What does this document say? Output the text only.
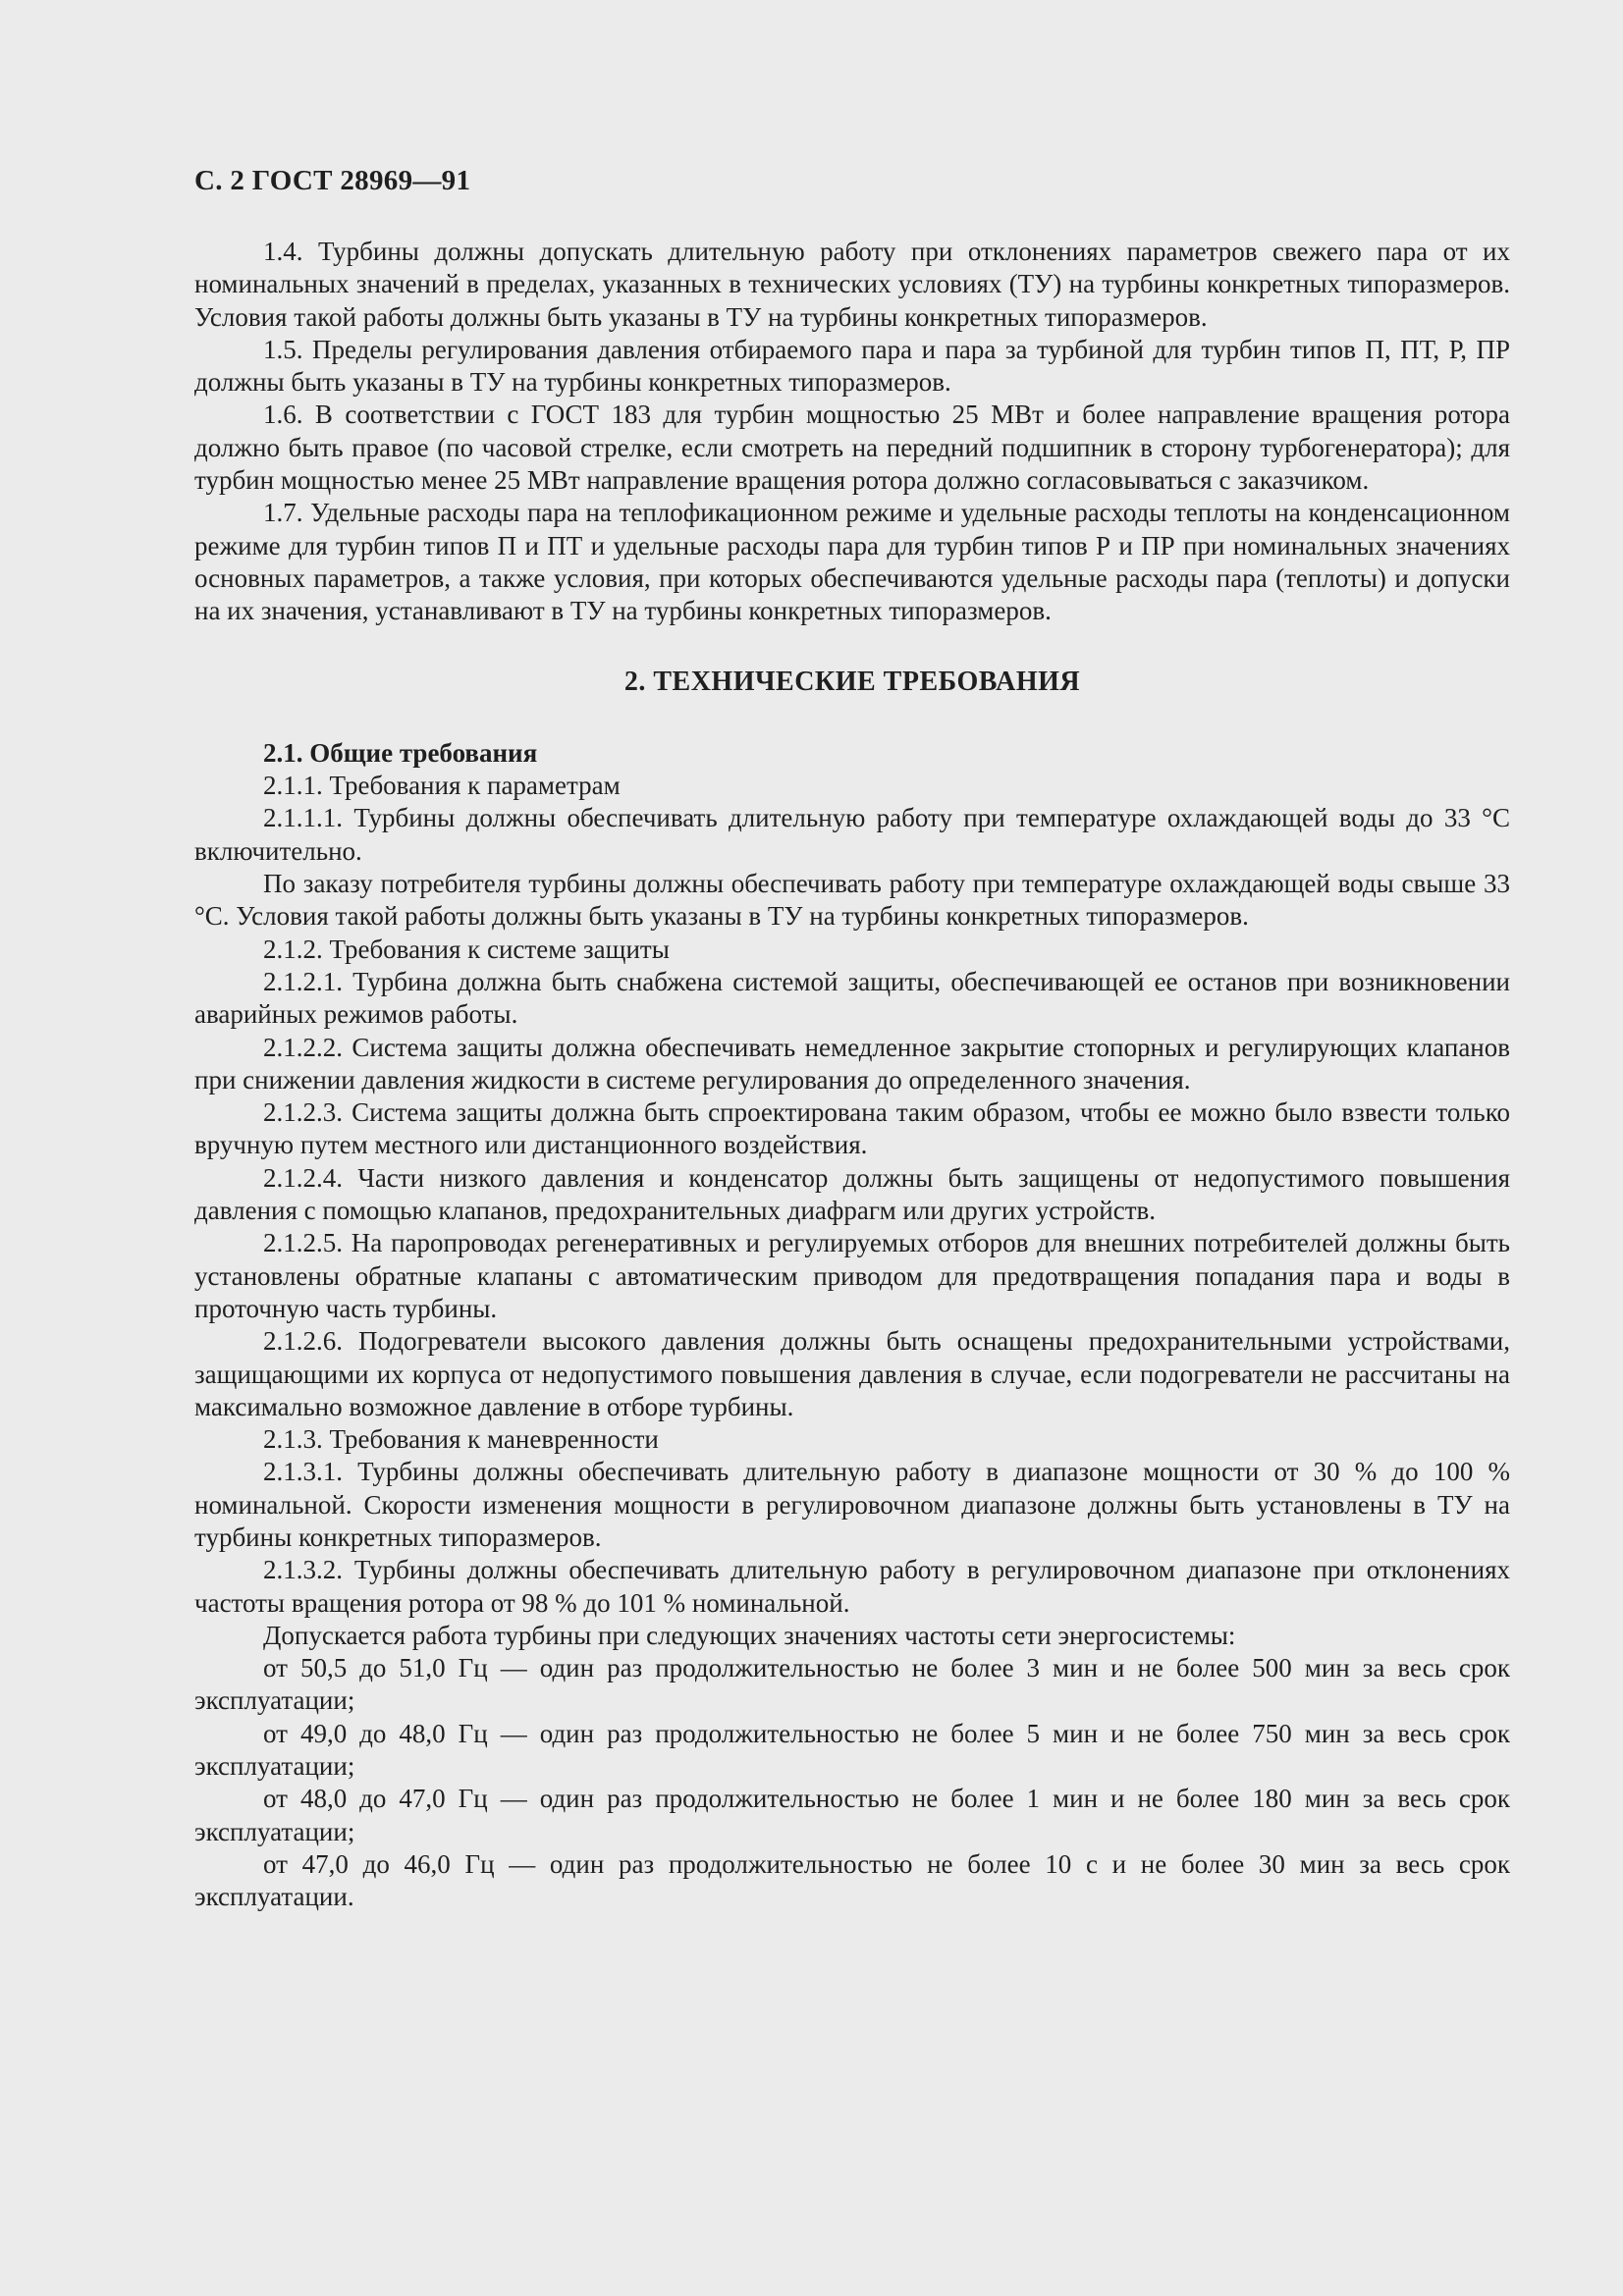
С. 2 ГОСТ 28969—91

1.4. Турбины должны допускать длительную работу при отклонениях параметров свежего пара от их номинальных значений в пределах, указанных в технических условиях (ТУ) на турбины конкретных типоразмеров. Условия такой работы должны быть указаны в ТУ на турбины конкретных типоразмеров.

1.5. Пределы регулирования давления отбираемого пара и пара за турбиной для турбин типов П, ПТ, Р, ПР должны быть указаны в ТУ на турбины конкретных типоразмеров.

1.6. В соответствии с ГОСТ 183 для турбин мощностью 25 МВт и более направление вращения ротора должно быть правое (по часовой стрелке, если смотреть на передний подшипник в сторону турбогенератора); для турбин мощностью менее 25 МВт направление вращения ротора должно согласовываться с заказчиком.

1.7. Удельные расходы пара на теплофикационном режиме и удельные расходы теплоты на конденсационном режиме для турбин типов П и ПТ и удельные расходы пара для турбин типов Р и ПР при номинальных значениях основных параметров, а также условия, при которых обеспечиваются удельные расходы пара (теплоты) и допуски на их значения, устанавливают в ТУ на турбины конкретных типоразмеров.

2. ТЕХНИЧЕСКИЕ ТРЕБОВАНИЯ

2.1. Общие требования

2.1.1. Требования к параметрам

2.1.1.1. Турбины должны обеспечивать длительную работу при температуре охлаждающей воды до 33 °С включительно.

По заказу потребителя турбины должны обеспечивать работу при температуре охлаждающей воды свыше 33 °С. Условия такой работы должны быть указаны в ТУ на турбины конкретных типоразмеров.

2.1.2. Требования к системе защиты

2.1.2.1. Турбина должна быть снабжена системой защиты, обеспечивающей ее останов при возникновении аварийных режимов работы.

2.1.2.2. Система защиты должна обеспечивать немедленное закрытие стопорных и регулирующих клапанов при снижении давления жидкости в системе регулирования до определенного значения.

2.1.2.3. Система защиты должна быть спроектирована таким образом, чтобы ее можно было взвести только вручную путем местного или дистанционного воздействия.

2.1.2.4. Части низкого давления и конденсатор должны быть защищены от недопустимого повышения давления с помощью клапанов, предохранительных диафрагм или других устройств.

2.1.2.5. На паропроводах регенеративных и регулируемых отборов для внешних потребителей должны быть установлены обратные клапаны с автоматическим приводом для предотвращения попадания пара и воды в проточную часть турбины.

2.1.2.6. Подогреватели высокого давления должны быть оснащены предохранительными устройствами, защищающими их корпуса от недопустимого повышения давления в случае, если подогреватели не рассчитаны на максимально возможное давление в отборе турбины.

2.1.3. Требования к маневренности

2.1.3.1. Турбины должны обеспечивать длительную работу в диапазоне мощности от 30 % до 100 % номинальной. Скорости изменения мощности в регулировочном диапазоне должны быть установлены в ТУ на турбины конкретных типоразмеров.

2.1.3.2. Турбины должны обеспечивать длительную работу в регулировочном диапазоне при отклонениях частоты вращения ротора от 98 % до 101 % номинальной.

Допускается работа турбины при следующих значениях частоты сети энергосистемы:

от 50,5 до 51,0 Гц — один раз продолжительностью не более 3 мин и не более 500 мин за весь срок эксплуатации;

от 49,0 до 48,0 Гц — один раз продолжительностью не более 5 мин и не более 750 мин за весь срок эксплуатации;

от 48,0 до 47,0 Гц — один раз продолжительностью не более 1 мин и не более 180 мин за весь срок эксплуатации;

от 47,0 до 46,0 Гц — один раз продолжительностью не более 10 с и не более 30 мин за весь срок эксплуатации.
